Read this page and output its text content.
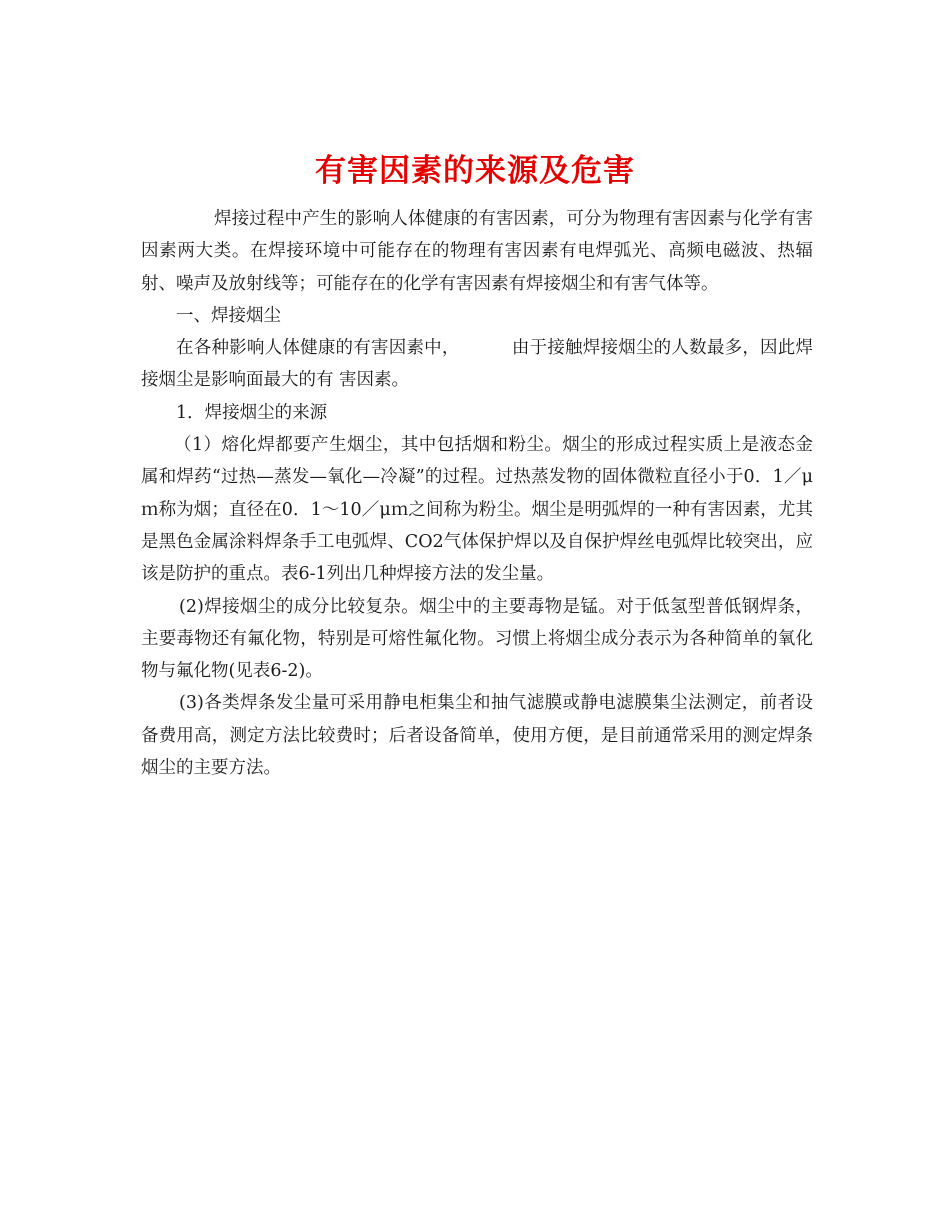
有害因素的来源及危害

焊接过程中产生的影响人体健康的有害因素，可分为物理有害因素与化学有害因素两大类。在焊接环境中可能存在的物理有害因素有电焊弧光、高频电磁波、热辐射、噪声及放射线等；可能存在的化学有害因素有焊接烟尘和有害气体等。

一、焊接烟尘

在各种影响人体健康的有害因素中，	由于接触焊接烟尘的人数最多，因此焊接烟尘是影响面最大的有 害因素。

1．焊接烟尘的来源

（1）熔化焊都要产生烟尘，其中包括烟和粉尘。烟尘的形成过程实质上是液态金属和焊药“过热—蒸发—氧化—冷凝”的过程。过热蒸发物的固体微粒直径小于0．1／μｍ称为烟；直径在0．1～10／μｍ之间称为粉尘。烟尘是明弧焊的一种有害因素，尤其是黑色金属涂料焊条手工电弧焊、CO2气体保护焊以及自保护焊丝电弧焊比较突出，应该是防护的重点。表6-1列出几种焊接方法的发尘量。

(2)焊接烟尘的成分比较复杂。烟尘中的主要毒物是锰。对于低氢型普低钢焊条，主要毒物还有氟化物，特别是可熔性氟化物。习惯上将烟尘成分表示为各种简单的氧化物与氟化物(见表6-2)。

(3)各类焊条发尘量可采用静电柜集尘和抽气滤膜或静电滤膜集尘法测定，前者设备费用高，测定方法比较费时；后者设备简单，使用方便，是目前通常采用的测定焊条烟尘的主要方法。
